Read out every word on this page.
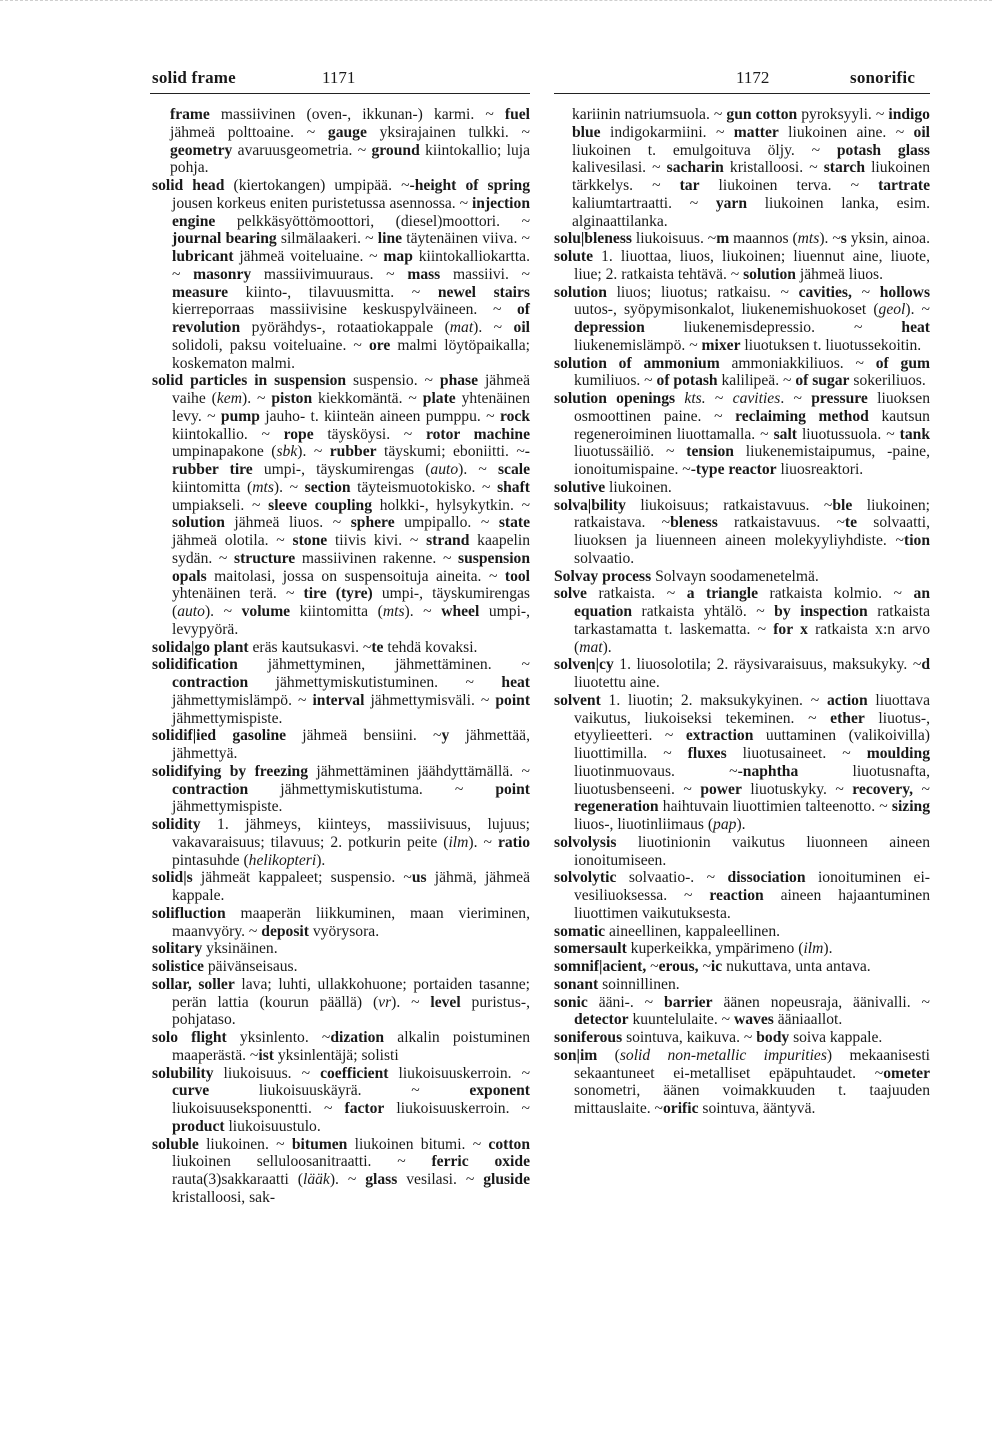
solid frame	1171	1172	sonorific

frame massiivinen (oven-, ikkunan-) karmi. ~ fuel jähmeä polttoaine. ~ gauge yksirajainen tulkki. ~ geometry avaruusgeometria. ~ ground kiintokallio; luja pohja.

solid head (kiertokangen) umpipää. ~-height of spring jousen korkeus eniten puristetussa asennossa. ~ injection engine pelkkäsyöttömoottori, (diesel)moottori. ~ journal bearing silmälaakeri. ~ line täytenäinen viiva. ~ lubricant jähmeä voiteluaine. ~ map kiintokalliokartta. ~ masonry massiivimuuraus. ~ mass massiivi. ~ measure kiinto-, tilavuusmitta. ~ newel stairs kierreporraas massiivisine keskuspylväineen. ~ of revolution pyörähdys-, rotaatiokappale (mat). ~ oil solidoli, paksu voiteluaine. ~ ore malmi löytöpaikalla; koskematon malmi.

solid particles in suspension suspensio. ~ phase jähmeä vaihe (kem). ~ piston kiekkomäntä. ~ plate yhtenäinen levy. ~ pump jauho- t. kiinteän aineen pumppu. ~ rock kiintokallio. ~ rope täysköysi. ~ rotor machine umpinapakone (sbk). ~ rubber täyskumi; eboniitti. ~-rubber tire umpi-, täyskumirengas (auto). ~ scale kiintomitta (mts). ~ section täyteismuotokisko. ~ shaft umpiakseli. ~ sleeve coupling holkki-, hylsykytkin. ~ solution jähmeä liuos. ~ sphere umpipallo. ~ state jähmeä olotila. ~ stone tiivis kivi. ~ strand kaapelin sydän. ~ structure massiivinen rakenne. ~ suspension opals maitolasi, jossa on suspensoituja aineita. ~ tool yhtenäinen terä. ~ tire (tyre) umpi-, täyskumirengas (auto). ~ volume kiintomitta (mts). ~ wheel umpi-, levypyörä.

solida|go plant eräs kautsukasvi. ~te tehdä kovaksi.

solidification jähmettyminen, jähmettäminen. ~ contraction jähmettymiskutistuminen. ~ heat jähmettymislämpö. ~ interval jähmettymisväli. ~ point jähmettymispiste.

solidif|ied gasoline jähmeä bensiini. ~y jähmettää, jähmettyä.

solidifying by freezing jähmettäminen jäähdyttämällä. ~ contraction jähmettymiskutistuma. ~ point jähmettymispiste.

solidity 1. jähmeys, kiinteys, massiivisuus, lujuus; vakavaraisuus; tilavuus; 2. potkurin peite (ilm). ~ ratio pintasuhde (helikopteri).

solid|s jähmeät kappaleet; suspensio. ~us jähmä, jähmeä kappale.

solifluction maaperän liikkuminen, maan vieriminen, maanvyöry. ~ deposit vyörysora.

solitary yksinäinen.

solistice päivänseisaus.

sollar, soller lava; luhti, ullakkohuone; portaiden tasanne; perän lattia (kourun päällä) (vr). ~ level puristus-, pohjataso.

solo flight yksinlento. ~dization alkalin poistuminen maaperästä. ~ist yksinlentäjä; solisti

solubility liukoisuus. ~ coefficient liukoisuuskerroin. ~ curve liukoisuuskäyrä. ~ exponent liukoisuuseksponentti. ~ factor liukoisuuskerroin. ~ product liukoisuustulo.

soluble liukoinen. ~ bitumen liukoinen bitumi. ~ cotton liukoinen selluloosanitraatti. ~ ferric oxide rauta(3)sakkaraatti (lääk). ~ glass vesilasi. ~ gluside kristalloosi, sak-

kariinin natriumsuola. ~ gun cotton pyroksyyli. ~ indigo blue indigokarmiini. ~ matter liukoinen aine. ~ oil liukoinen t. emulgoituva öljy. ~ potash glass kalivesilasi. ~ sacharin kristalloosi. ~ starch liukoinen tärkkelys. ~ tar liukoinen terva. ~ tartrate kaliumtartraatti. ~ yarn liukoinen lanka, esim. alginaattilanka.

solu|bleness liukoisuus. ~m maannos (mts). ~s yksin, ainoa.

solute 1. liuottaa, liuos, liukoinen; liuennut aine, liuote, liue; 2. ratkaista tehtävä. ~ solution jähmeä liuos.

solution liuos; liuotus; ratkaisu. ~ cavities, ~ hollows uutos-, syöpymisonkalot, liukenemishuokoset (geol). ~ depression liukenemisdepressio. ~ heat liukenemislämpö. ~ mixer liuotuksen t. liuotussekoitin.

solution of ammonium ammoniakkiliuos. ~ of gum kumiliuos. ~ of potash kalilipeä. ~ of sugar sokeriliuos.

solution openings kts. ~ cavities. ~ pressure liuoksen osmoottinen paine. ~ reclaiming method kautsun regeneroiminen liuottamalla. ~ salt liuotussuola. ~ tank liuotussäiliö. ~ tension liukenemistaipumus, -paine, ionoitumispaine. ~-type reactor liuosreaktori.

solutive liukoinen.

solva|bility liukoisuus; ratkaistavuus. ~ble liukoinen; ratkaistava. ~bleness ratkaistavuus. ~te solvaatti, liuoksen ja liuenneen aineen molekyyliyhdiste. ~tion solvaatio.

Solvay process Solvayn soodamenetelmä.

solve ratkaista. ~ a triangle ratkaista kolmio. ~ an equation ratkaista yhtälö. ~ by inspection ratkaista tarkastamatta t. laskematta. ~ for x ratkaista x:n arvo (mat).

solven|cy 1. liuosolotila; 2. räysivaraisuus, maksukyky. ~d liuotettu aine.

solvent 1. liuotin; 2. maksukykyinen. ~ action liuottava vaikutus, liukoiseksi tekeminen. ~ ether liuotus-, etyylieetteri. ~ extraction uuttaminen (valikoivilla) liuottimilla. ~ fluxes liuotusaineet. ~ moulding liuotinmuovaus. ~-naphtha liuotusnafta, liuotusbenseeni. ~ power liuotuskyky. ~ recovery, ~ regeneration haihtuvain liuottimien talteenotto. ~ sizing liuos-, liuotinliimaus (pap).

solvolysis liuotinionin vaikutus liuonneen aineen ionoitumiseen.

solvolytic solvaatio-. ~ dissociation ionoituminen ei-vesiliuoksessa. ~ reaction aineen hajaantuminen liuottimen vaikutuksesta.

somatic aineellinen, kappaleellinen.

somersault kuperkeikka, ympärimeno (ilm).

somnif|acient, ~erous, ~ic nukuttava, unta antava.

sonant soinnillinen.

sonic ääni-. ~ barrier äänen nopeusraja, äänivalli. ~ detector kuuntelulaite. ~ waves ääniaallot.

soniferous sointuva, kaikuva. ~ body soiva kappale.

son|im (solid non-metallic impurities) mekaanisesti sekaantuneet ei-metalliset epäpuhtaudet. ~ometer sonometri, äänen voimakkuuden t. taajuuden mittauslaite. ~orific sointuva, ääntyvä.
